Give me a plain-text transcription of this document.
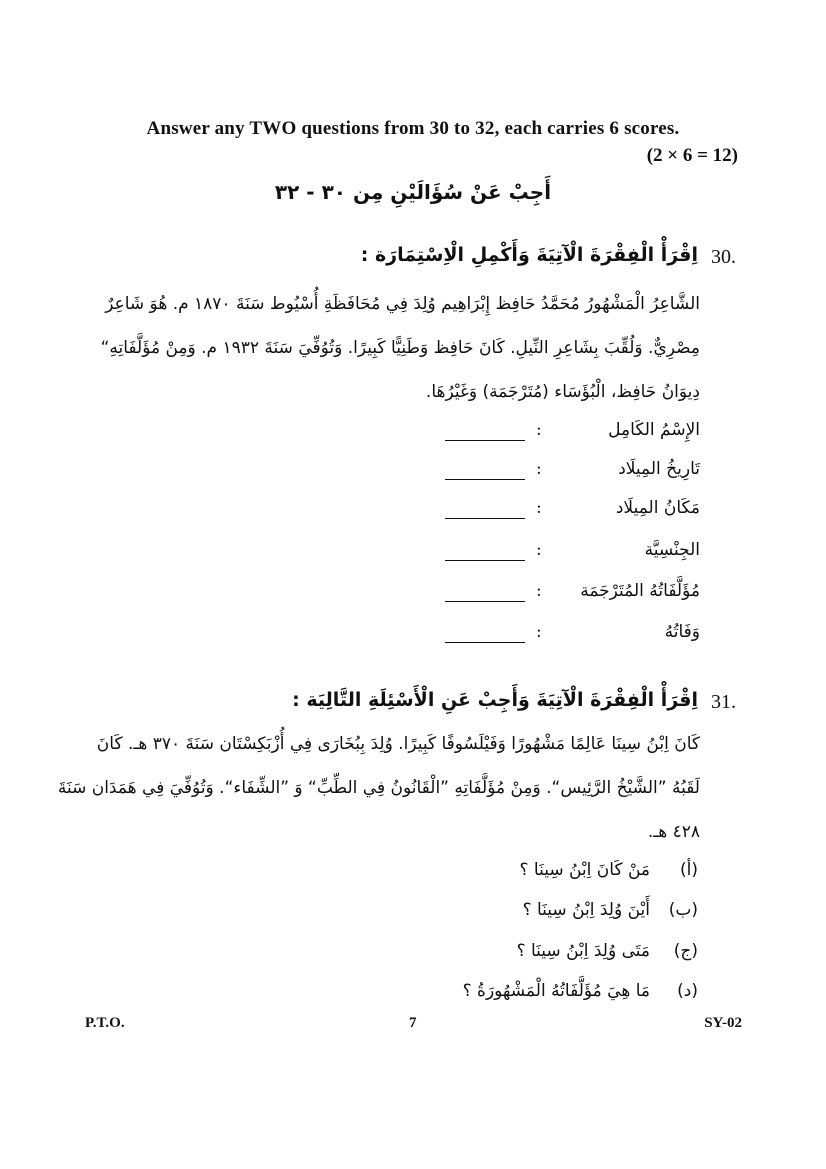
Answer any TWO questions from 30 to 32, each carries 6 scores.
(2 × 6 = 12)
أَجِبْ عَنْ سُؤَالَيْنِ مِن ٣٠ - ٣٢
30.
اِقْرَأْ الْفِقْرَةَ الْآتِيَةَ وَأَكْمِلِ الْاِسْتِمَارَة :
الشَّاعِرُ الْمَشْهُورُ مُحَمَّدُ حَافِظ إِبْرَاهِيم وُلِدَ فِي مُحَافَظَةِ أُسْيُوط سَنَةَ ١٨٧٠ م. هُوَ شَاعِرٌ
مِصْرِيٌّ. وَلُقِّبَ بِشَاعِرِ النِّيلِ. كَانَ حَافِظ وَطَنِيًّا كَبِيرًا. وَتُوُفِّيَ سَنَةَ ١٩٣٢ م. وَمِنْ مُؤَلَّفَاتِهِ“
دِيوَانُ حَافِظ، الْبُؤَسَاء (مُتَرْجَمَة) وَغَيْرُهَا.
الإِسْمُ الكَامِل
:
تَارِيخُ المِيلَاد
:
مَكَانُ المِيلَاد
:
الجِنْسِيَّة
:
مُؤَلَّفَاتُهُ المُتَرْجَمَة
:
وَفَاتُهُ
:
31.
اِقْرَأْ الْفِقْرَةَ الْآتِيَةَ وَأَجِبْ عَنِ الْأَسْئِلَةِ التَّالِيَة :
كَانَ اِبْنُ سِينَا عَالِمًا مَشْهُورًا وَفَيْلَسُوفًا كَبِيرًا. وُلِدَ بِبُخَارَى فِي أُزْبَكِسْتَان سَنَةَ ٣٧٠ هـ. كَانَ
لَقَبُهُ ”الشَّيْخُ الرَّئِيس“. وَمِنْ مُؤَلَّفَاتِهِ ”الْقَانُونُ فِي الطِّبِّ“ وَ ”الشِّفَاء“. وَتُوُفِّيَ فِي هَمَدَان سَنَةَ
٤٢٨ هـ.
(أ)مَنْ كَانَ اِبْنُ سِينَا ؟
(ب)أَيْنَ وُلِدَ اِبْنُ سِينَا ؟
(ج)مَتَى وُلِدَ اِبْنُ سِينَا ؟
(د)مَا هِيَ مُؤَلَّفَاتُهُ الْمَشْهُورَةُ ؟
P.T.O.	7	SY-02
